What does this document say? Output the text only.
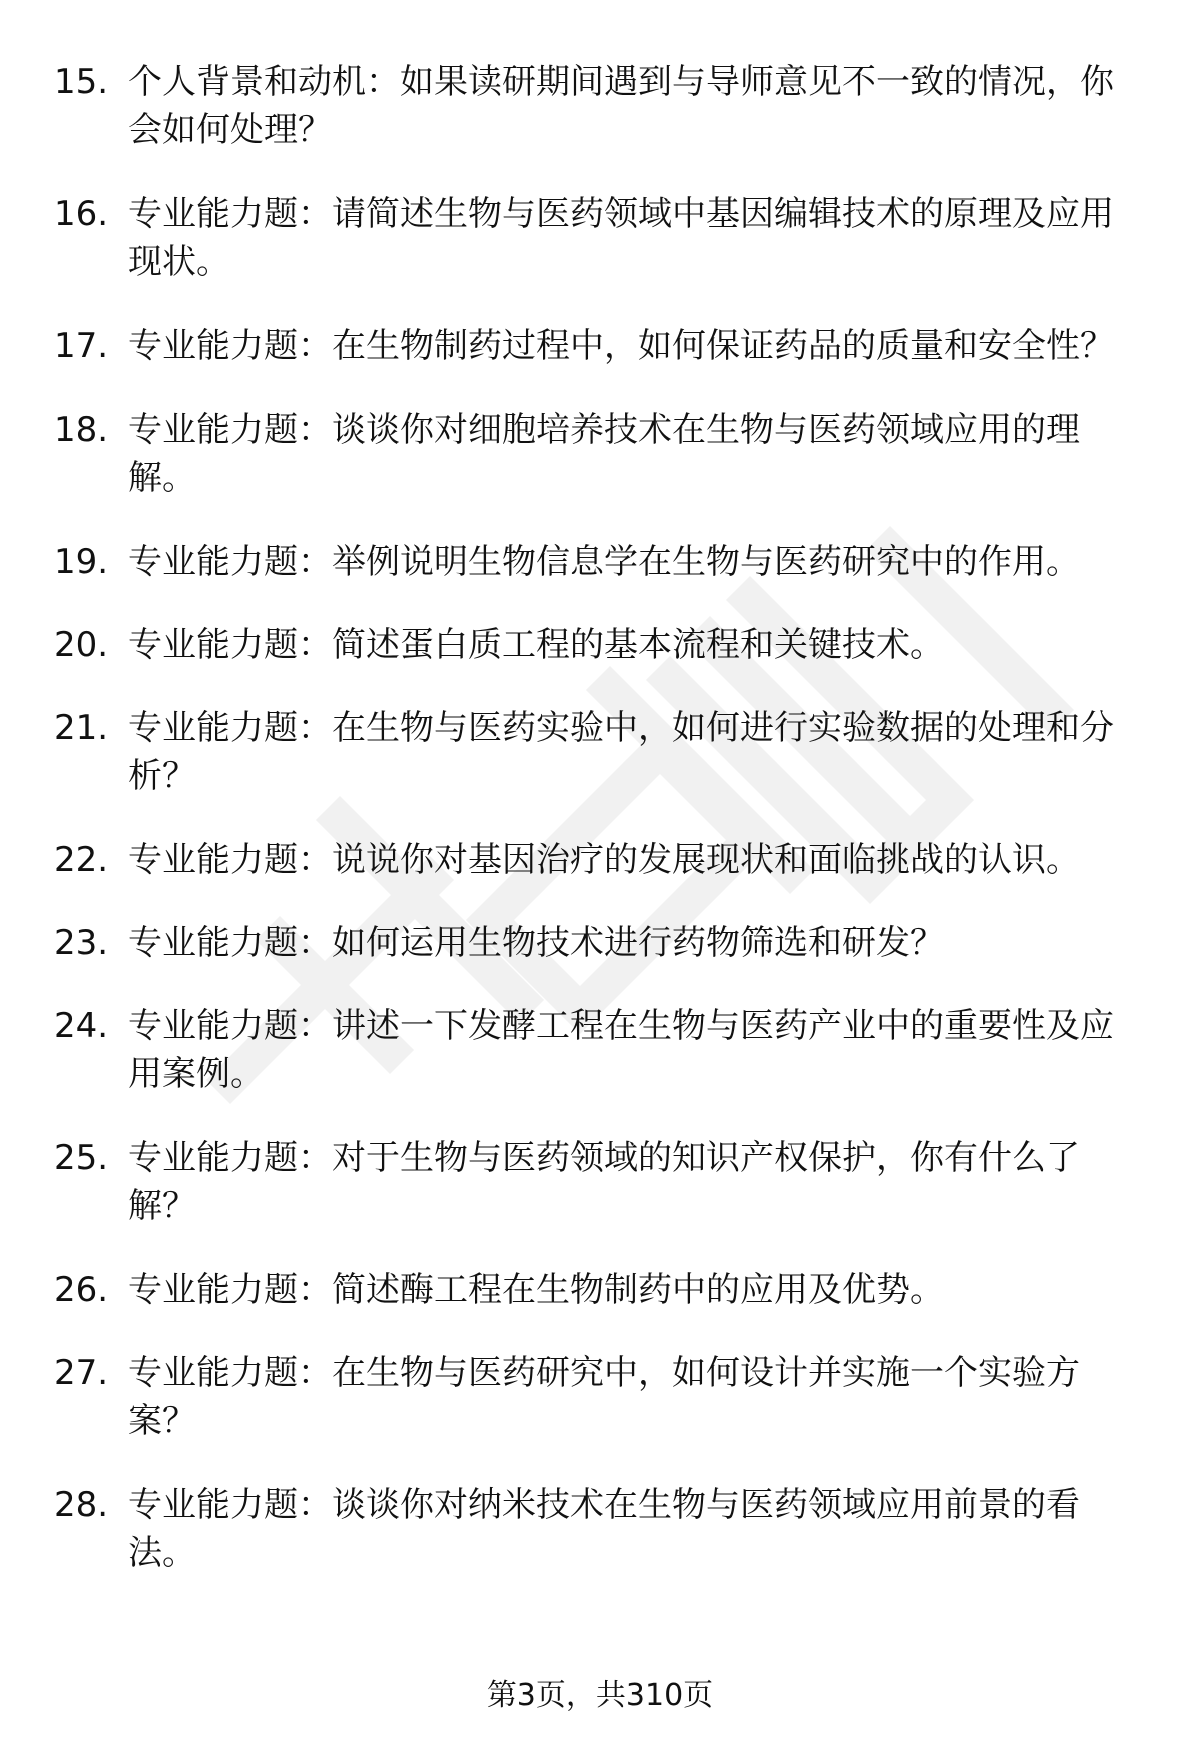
15. 个人背景和动机：如果读研期间遇到与导师意见不一致的情况，你会如何处理？
16. 专业能力题：请简述生物与医药领域中基因编辑技术的原理及应用现状。
17. 专业能力题：在生物制药过程中，如何保证药品的质量和安全性？
18. 专业能力题：谈谈你对细胞培养技术在生物与医药领域应用的理解。
19. 专业能力题：举例说明生物信息学在生物与医药研究中的作用。
20. 专业能力题：简述蛋白质工程的基本流程和关键技术。
21. 专业能力题：在生物与医药实验中，如何进行实验数据的处理和分析？
22. 专业能力题：说说你对基因治疗的发展现状和面临挑战的认识。
23. 专业能力题：如何运用生物技术进行药物筛选和研发？
24. 专业能力题：讲述一下发酵工程在生物与医药产业中的重要性及应用案例。
25. 专业能力题：对于生物与医药领域的知识产权保护，你有什么了解？
26. 专业能力题：简述酶工程在生物制药中的应用及优势。
27. 专业能力题：在生物与医药研究中，如何设计并实施一个实验方案？
28. 专业能力题：谈谈你对纳米技术在生物与医药领域应用前景的看法。
第3页，共310页
